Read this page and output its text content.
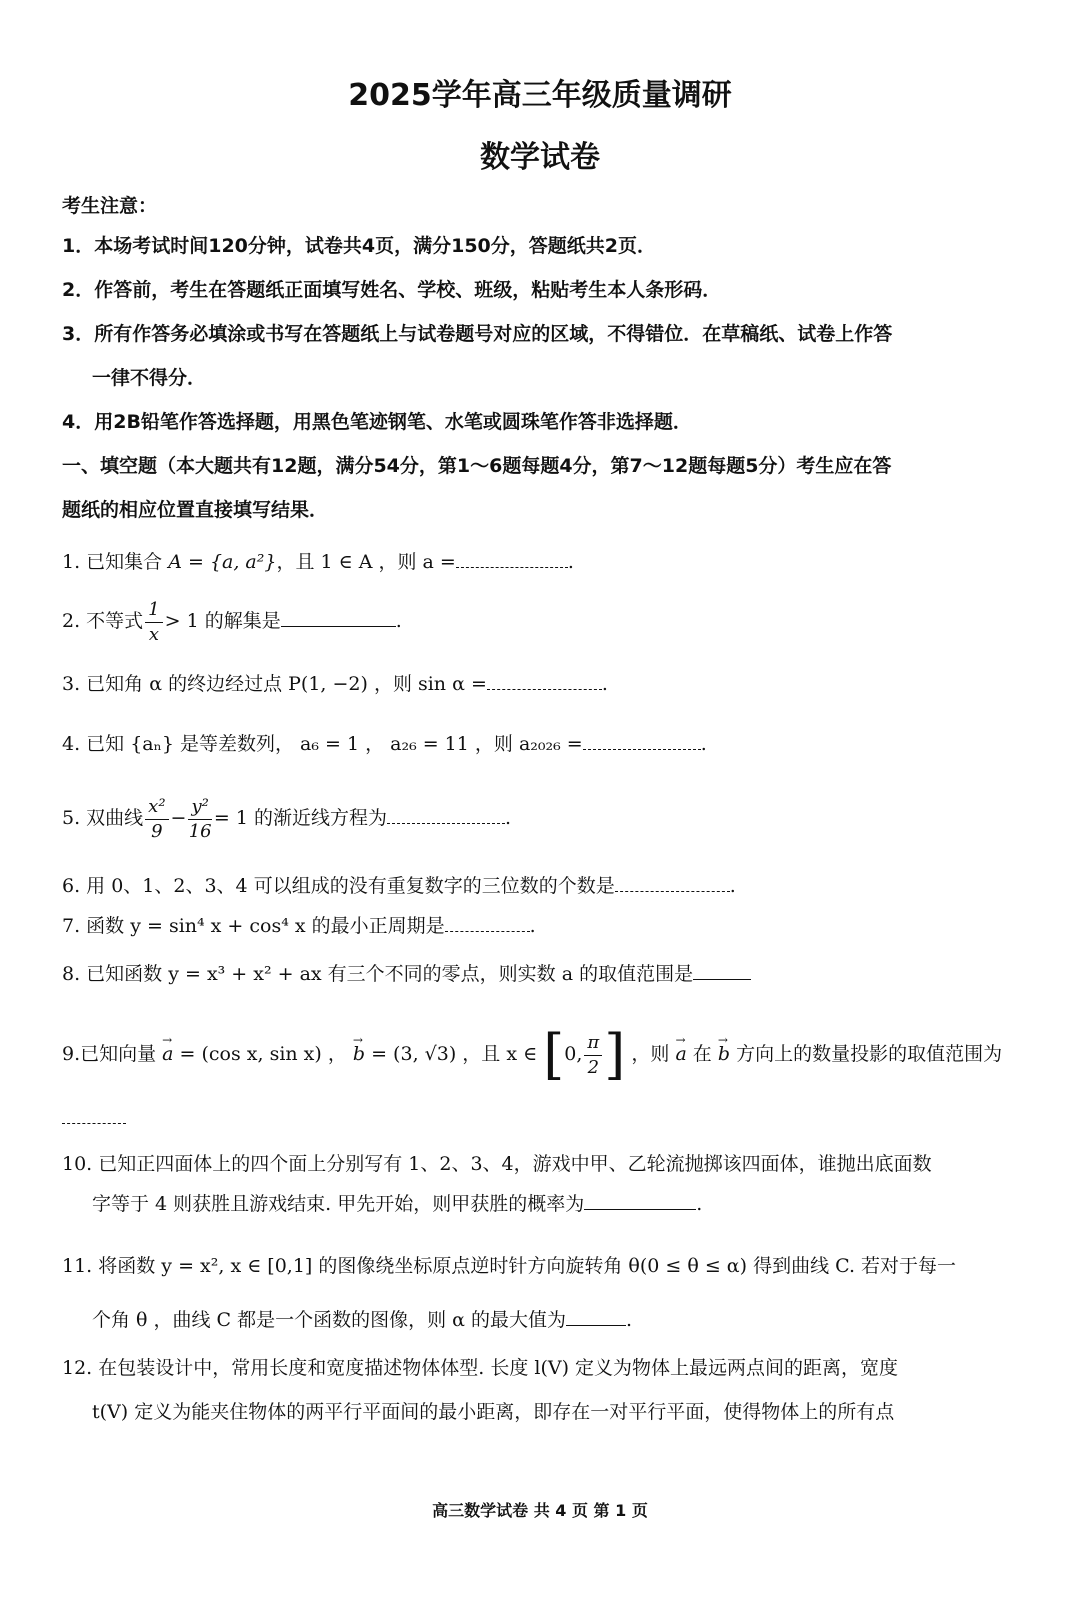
2025学年高三年级质量调研
数学试卷
考生注意：
1．本场考试时间120分钟，试卷共4页，满分150分，答题纸共2页．
2．作答前，考生在答题纸正面填写姓名、学校、班级，粘贴考生本人条形码．
3．所有作答务必填涂或书写在答题纸上与试卷题号对应的区域，不得错位．在草稿纸、试卷上作答
一律不得分．
4．用2B铅笔作答选择题，用黑色笔迹钢笔、水笔或圆珠笔作答非选择题．
一、填空题（本大题共有12题，满分54分，第1～6题每题4分，第7～12题每题5分）考生应在答
题纸的相应位置直接填写结果．
1. 已知集合 A = {a, a²}，且 1 ∈ A ，则 a =	.
2. 不等式 $\frac{1}{x} > 1$ 的解集是	.
3. 已知角 α 的终边经过点 P(1, −2) ，则 sin α =	.
4. 已知 {aₙ} 是等差数列， a₆ = 1 ， a₂₆ = 11 ，则 a₂₀₂₆ =	.
5. 双曲线 $\frac{\text{x²}}{9} - \frac{\text{y²}}{16} = 1$ 的渐近线方程为	.
6. 用 0、1、2、3、4 可以组成的没有重复数字的三位数的个数是	.
7. 函数 y = sin⁴ x + cos⁴ x 的最小正周期是	.
8. 已知函数 y = x³ + x² + ax 有三个不同的零点，则实数 a 的取值范围是
9.已知向量 → a = (cos x, sin x) ， → b = (3, √3) ，且 x ∈ [0, $\frac{\pi}{2}$ ] ，则 → a 在 → b 方向上的数量投影的取值范围为
10. 已知正四面体上的四个面上分别写有 1、2、3、4，游戏中甲、乙轮流抛掷该四面体，谁抛出底面数
字等于 4 则获胜且游戏结束. 甲先开始，则甲获胜的概率为	.
11. 将函数 y = x², x ∈ [0,1] 的图像绕坐标原点逆时针方向旋转角 θ(0 ≤ θ ≤ α) 得到曲线 C. 若对于每一
个角 θ ，曲线 C 都是一个函数的图像，则 α 的最大值为	.
12. 在包装设计中，常用长度和宽度描述物体体型. 长度 l(V) 定义为物体上最远两点间的距离，宽度
t(V) 定义为能夹住物体的两平行平面间的最小距离，即存在一对平行平面，使得物体上的所有点
高三数学试卷 共 4 页 第 1 页
